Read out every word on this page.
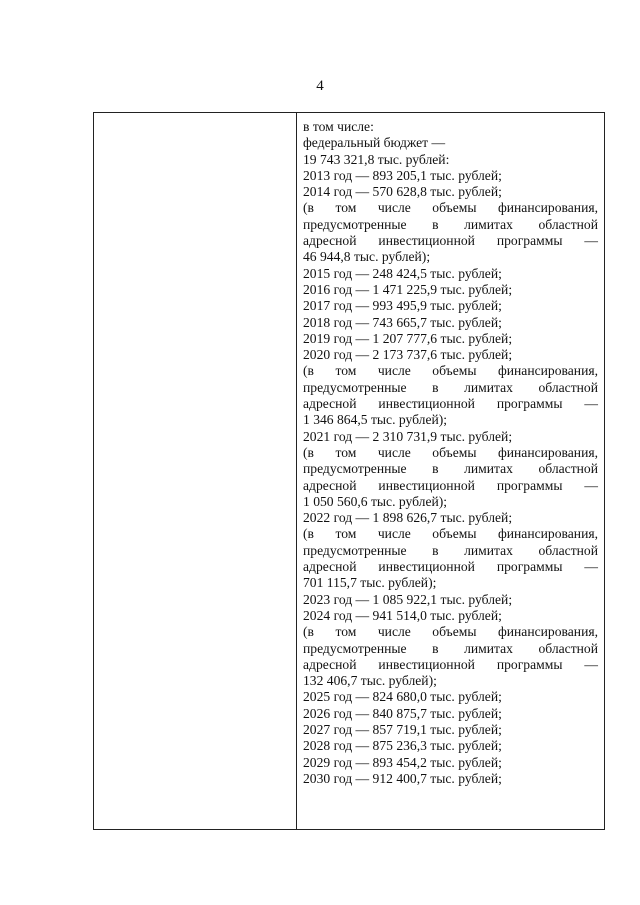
4
в том числе:
федеральный бюджет —
19 743 321,8 тыс. рублей:
2013 год — 893 205,1 тыс. рублей;
2014 год — 570 628,8 тыс. рублей;
(в том числе объемы финансирования,
предусмотренные в лимитах областной
адресной инвестиционной программы —
46 944,8 тыс. рублей);
2015 год — 248 424,5 тыс. рублей;
2016 год — 1 471 225,9 тыс. рублей;
2017 год — 993 495,9 тыс. рублей;
2018 год — 743 665,7 тыс. рублей;
2019 год — 1 207 777,6 тыс. рублей;
2020 год — 2 173 737,6 тыс. рублей;
(в том числе объемы финансирования,
предусмотренные в лимитах областной
адресной инвестиционной программы —
1 346 864,5 тыс. рублей);
2021 год — 2 310 731,9 тыс. рублей;
(в том числе объемы финансирования,
предусмотренные в лимитах областной
адресной инвестиционной программы —
1 050 560,6 тыс. рублей);
2022 год — 1 898 626,7 тыс. рублей;
(в том числе объемы финансирования,
предусмотренные в лимитах областной
адресной инвестиционной программы —
701 115,7 тыс. рублей);
2023 год — 1 085 922,1 тыс. рублей;
2024 год — 941 514,0 тыс. рублей;
(в том числе объемы финансирования,
предусмотренные в лимитах областной
адресной инвестиционной программы —
132 406,7 тыс. рублей);
2025 год — 824 680,0 тыс. рублей;
2026 год — 840 875,7 тыс. рублей;
2027 год — 857 719,1 тыс. рублей;
2028 год — 875 236,3 тыс. рублей;
2029 год — 893 454,2 тыс. рублей;
2030 год — 912 400,7 тыс. рублей;
